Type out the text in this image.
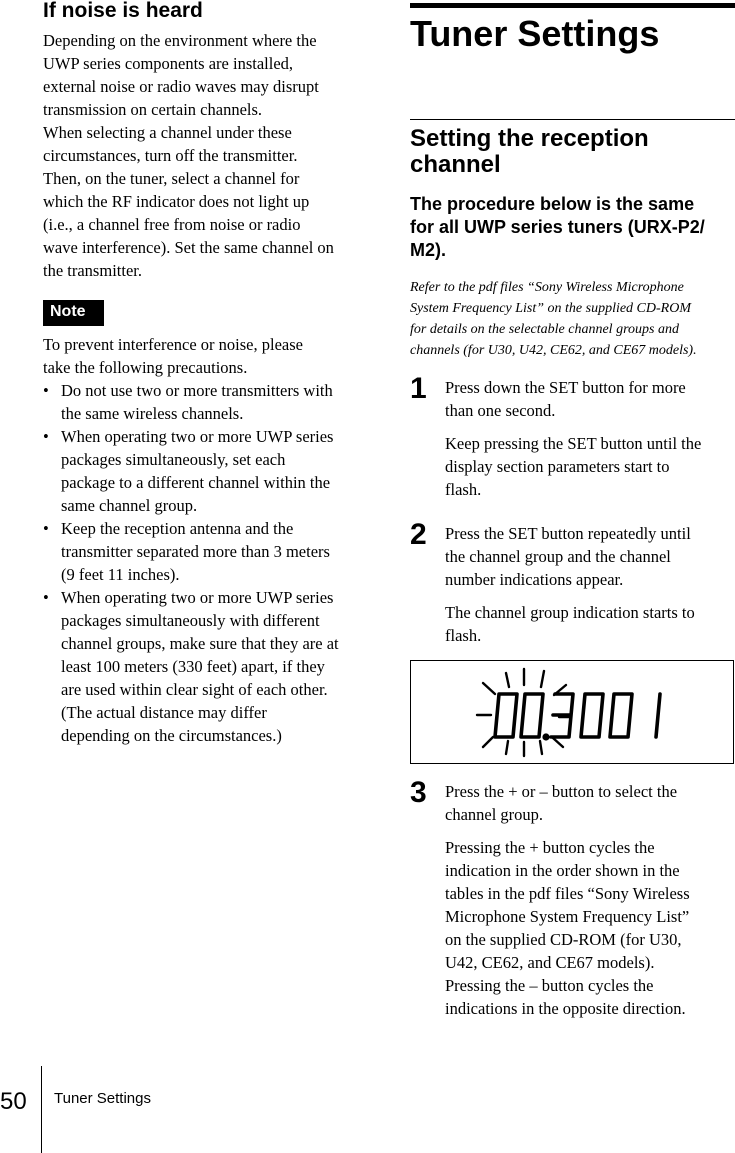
If noise is heard

Depending on the environment where the
UWP series components are installed,
external noise or radio waves may disrupt
transmission on certain channels.

When selecting a channel under these
circumstances, turn off the transmitter.
Then, on the tuner, select a channel for
which the RF indicator does not light up
(i.e., a channel free from noise or radio
wave interference). Set the same channel on
the transmitter.

Note

To prevent interference or noise, please
take the following precautions.

• Do not use two or more transmitters with
the same wireless channels.
• When operating two or more UWP series
packages simultaneously, set each
package to a different channel within the
same channel group.
• Keep the reception antenna and the
transmitter separated more than 3 meters
(9 feet 11 inches).
• When operating two or more UWP series
packages simultaneously with different
channel groups, make sure that they are at
least 100 meters (330 feet) apart, if they
are used within clear sight of each other.
(The actual distance may differ
depending on the circumstances.)
Tuner Settings
Setting the reception
channel
The procedure below is the same
for all UWP series tuners (URX-P2/
M2).

Refer to the pdf files “Sony Wireless Microphone
System Frequency List” on the supplied CD-ROM
for details on the selectable channel groups and
channels (for U30, U42, CE62, and CE67 models).

1 Press down the SET button for more
than one second.

Keep pressing the SET button until the
display section parameters start to
flash.

2 Press the SET button repeatedly until
the channel group and the channel
number indications appear.

The channel group indication starts to
flash.

3 Press the + or – button to select the
channel group.

Pressing the + button cycles the
indication in the order shown in the
tables in the pdf files “Sony Wireless
Microphone System Frequency List”
on the supplied CD-ROM (for U30,
U42, CE62, and CE67 models).
Pressing the – button cycles the
indications in the opposite direction.

50 Tuner Settings
